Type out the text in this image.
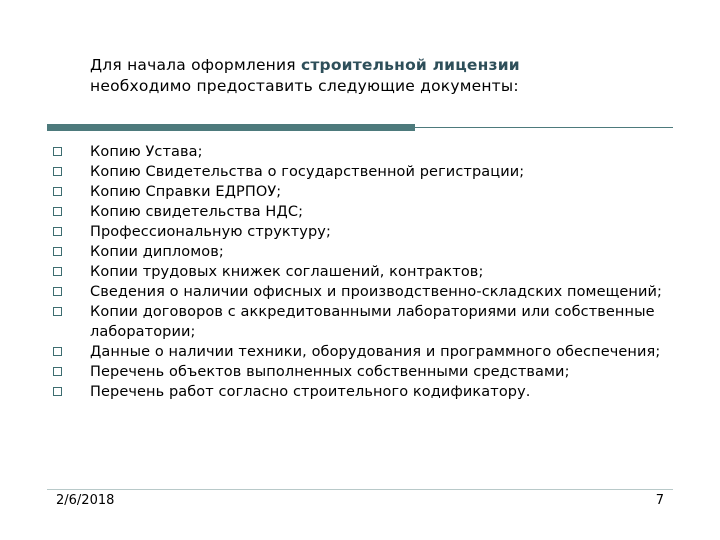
Для начала оформления строительной лицензии
необходимо предоставить следующие документы:
Копию Устава;
Копию Свидетельства о государственной регистрации;
Копию Справки ЕДРПОУ;
Копию свидетельства НДС;
Профессиональную структуру;
Копии дипломов;
Копии трудовых книжек соглашений, контрактов;
Сведения о наличии офисных и производственно-складских помещений;
Копии договоров с аккредитованными лабораториями или собственные лаборатории;
Данные о наличии техники, оборудования и программного обеспечения;
Перечень объектов выполненных собственными средствами;
Перечень работ согласно строительного кодификатору.
2/6/2018	7
